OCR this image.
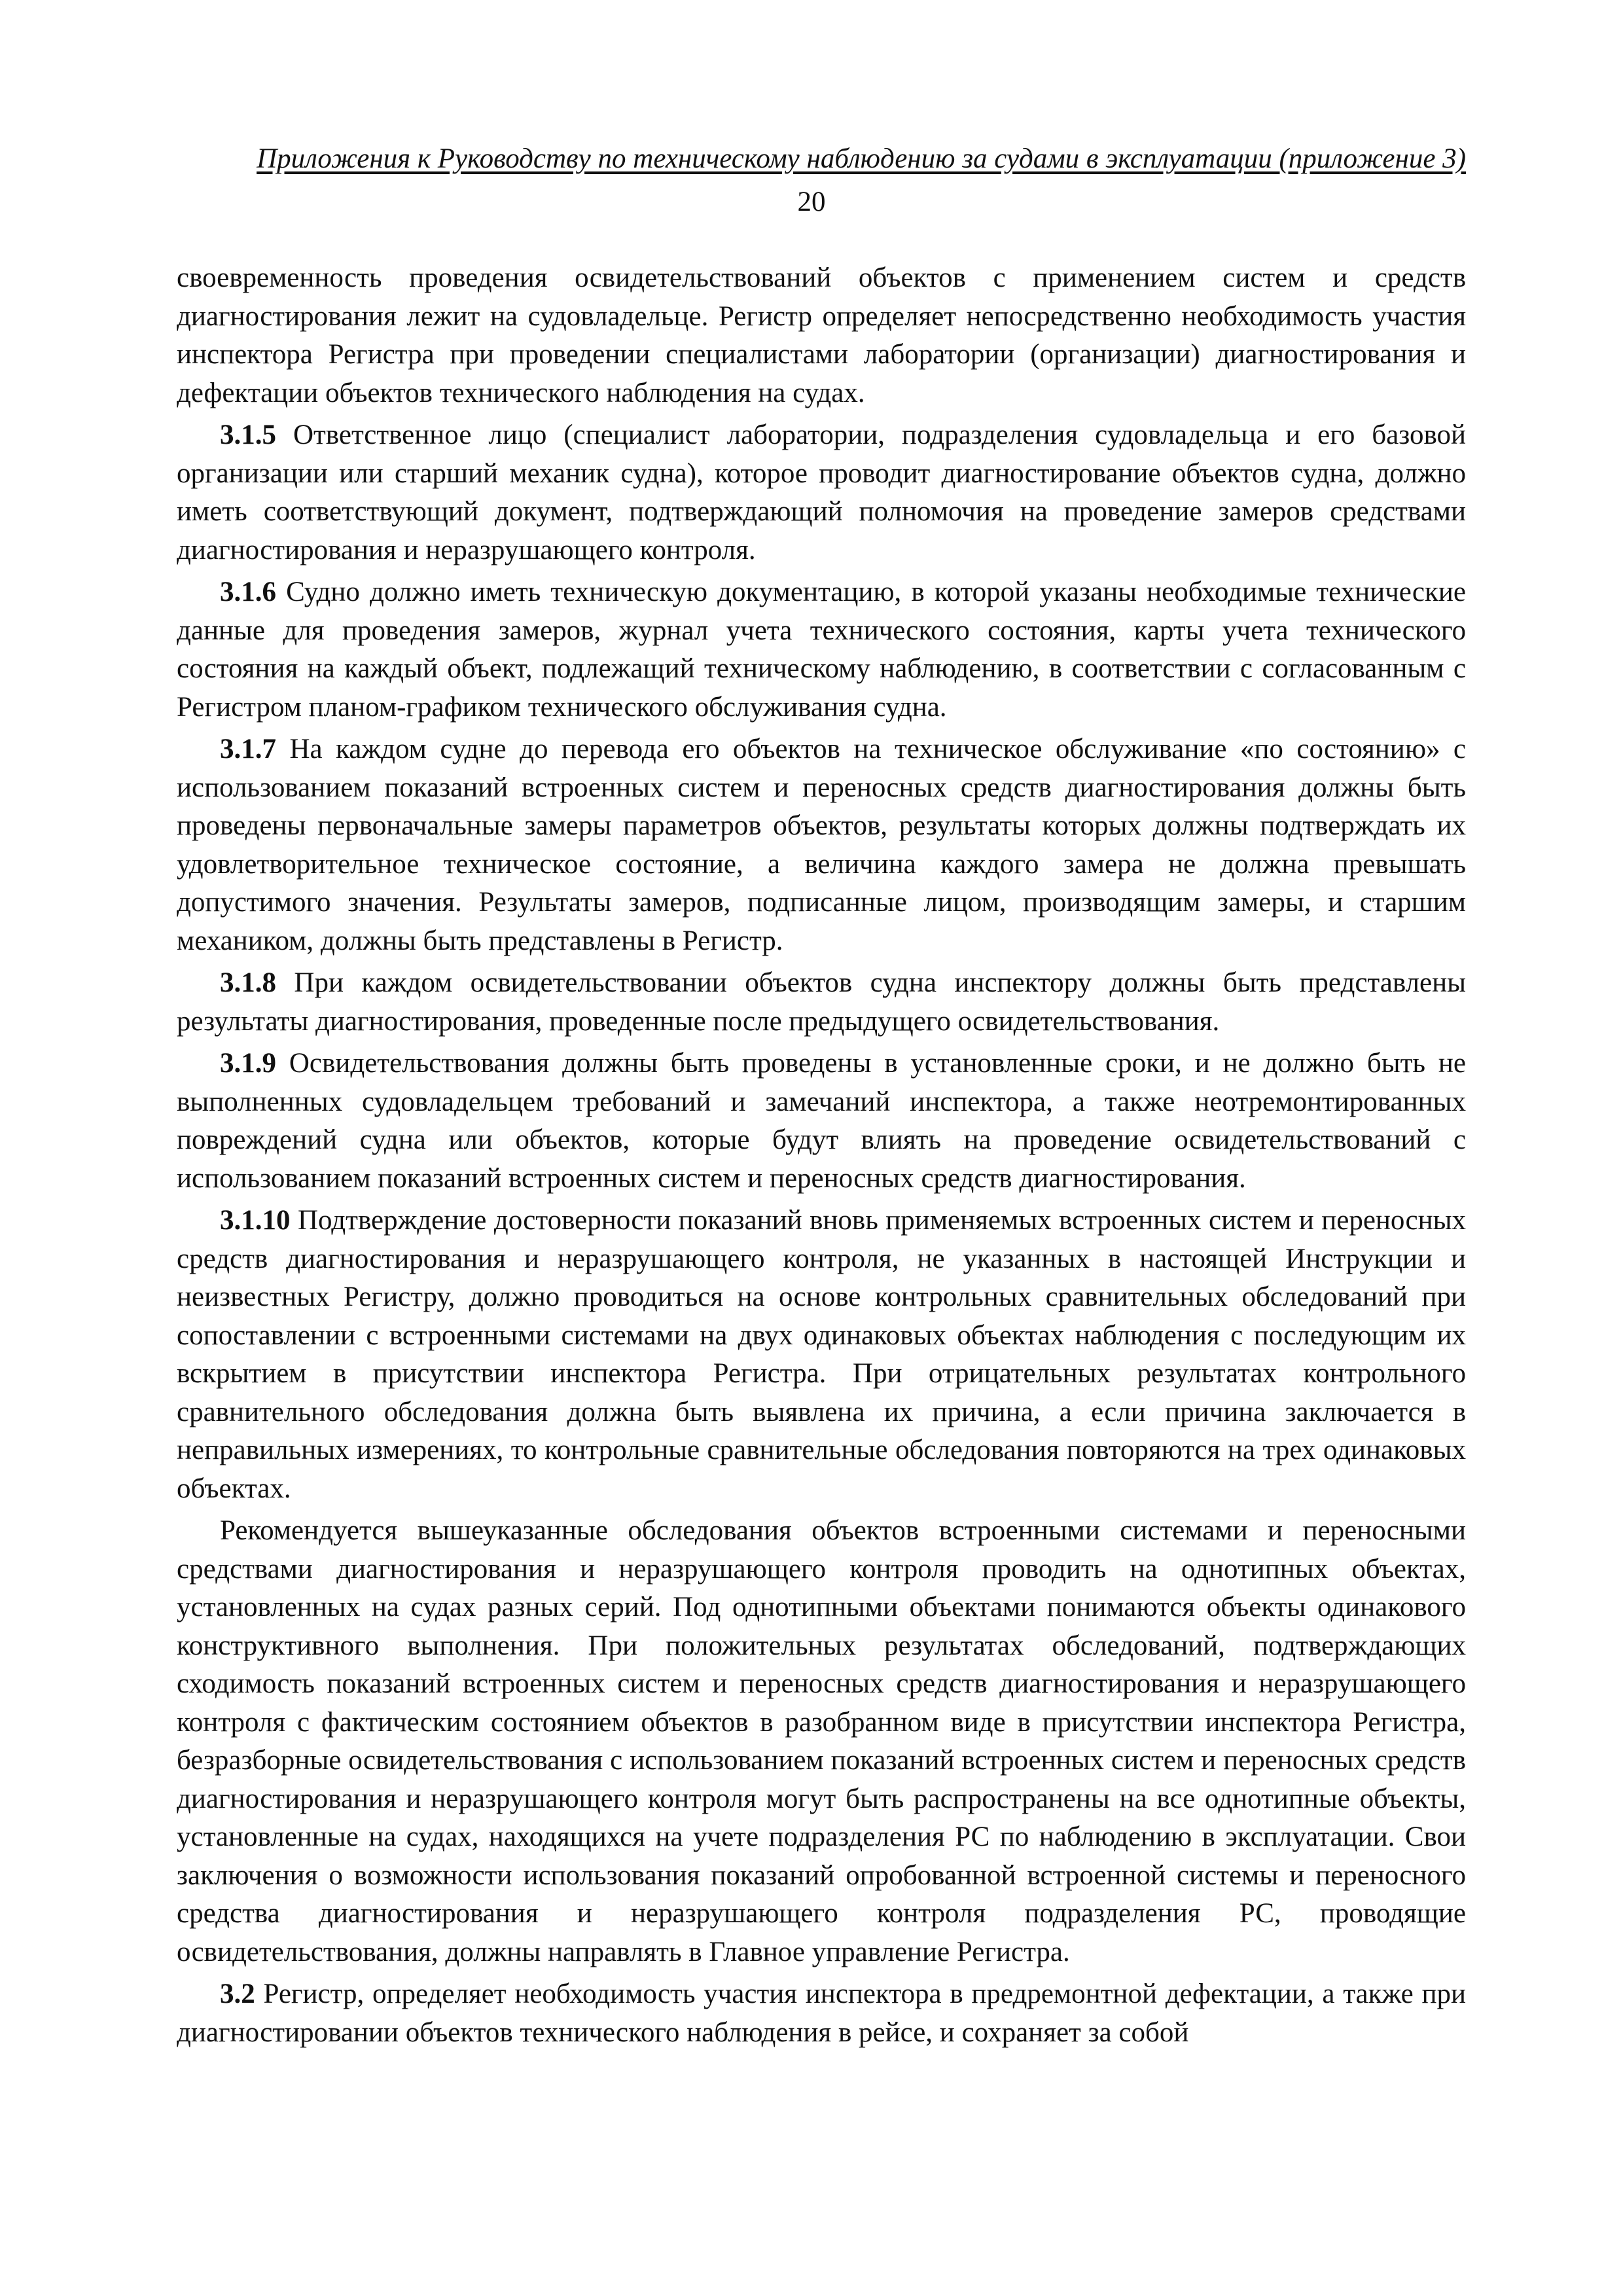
Приложения к Руководству по техническому наблюдению за судами в эксплуатации (приложение 3)
20

своевременность проведения освидетельствований объектов с применением систем и средств диагностирования лежит на судовладельце. Регистр определяет непосредственно необходимость участия инспектора Регистра при проведении специалистами лаборатории (организации) диагностирования и дефектации объектов технического наблюдения на судах.

3.1.5 Ответственное лицо (специалист лаборатории, подразделения судовладельца и его базовой организации или старший механик судна), которое проводит диагностирование объектов судна, должно иметь соответствующий документ, подтверждающий полномочия на проведение замеров средствами диагностирования и неразрушающего контроля.

3.1.6 Судно должно иметь техническую документацию, в которой указаны необходимые технические данные для проведения замеров, журнал учета технического состояния, карты учета технического состояния на каждый объект, подлежащий техническому наблюдению, в соответствии с согласованным с Регистром планом-графиком технического обслуживания судна.

3.1.7 На каждом судне до перевода его объектов на техническое обслуживание «по состоянию» с использованием показаний встроенных систем и переносных средств диагностирования должны быть проведены первоначальные замеры параметров объектов, результаты которых должны подтверждать их удовлетворительное техническое состояние, а величина каждого замера не должна превышать допустимого значения. Результаты замеров, подписанные лицом, производящим замеры, и старшим механиком, должны быть представлены в Регистр.

3.1.8 При каждом освидетельствовании объектов судна инспектору должны быть представлены результаты диагностирования, проведенные после предыдущего освидетельствования.

3.1.9 Освидетельствования должны быть проведены в установленные сроки, и не должно быть не выполненных судовладельцем требований и замечаний инспектора, а также неотремонтированных повреждений судна или объектов, которые будут влиять на проведение освидетельствований с использованием показаний встроенных систем и переносных средств диагностирования.

3.1.10 Подтверждение достоверности показаний вновь применяемых встроенных систем и переносных средств диагностирования и неразрушающего контроля, не указанных в настоящей Инструкции и неизвестных Регистру, должно проводиться на основе контрольных сравнительных обследований при сопоставлении с встроенными системами на двух одинаковых объектах наблюдения с последующим их вскрытием в присутствии инспектора Регистра. При отрицательных результатах контрольного сравнительного обследования должна быть выявлена их причина, а если причина заключается в неправильных измерениях, то контрольные сравнительные обследования повторяются на трех одинаковых объектах.

Рекомендуется вышеуказанные обследования объектов встроенными системами и переносными средствами диагностирования и неразрушающего контроля проводить на однотипных объектах, установленных на судах разных серий. Под однотипными объектами понимаются объекты одинакового конструктивного выполнения. При положительных результатах обследований, подтверждающих сходимость показаний встроенных систем и переносных средств диагностирования и неразрушающего контроля с фактическим состоянием объектов в разобранном виде в присутствии инспектора Регистра, безразборные освидетельствования с использованием показаний встроенных систем и переносных средств диагностирования и неразрушающего контроля могут быть распространены на все однотипные объекты, установленные на судах, находящихся на учете подразделения РС по наблюдению в эксплуатации. Свои заключения о возможности использования показаний опробованной встроенной системы и переносного средства диагностирования и неразрушающего контроля подразделения РС, проводящие освидетельствования, должны направлять в Главное управление Регистра.

3.2 Регистр, определяет необходимость участия инспектора в предремонтной дефектации, а также при диагностировании объектов технического наблюдения в рейсе, и сохраняет за собой
